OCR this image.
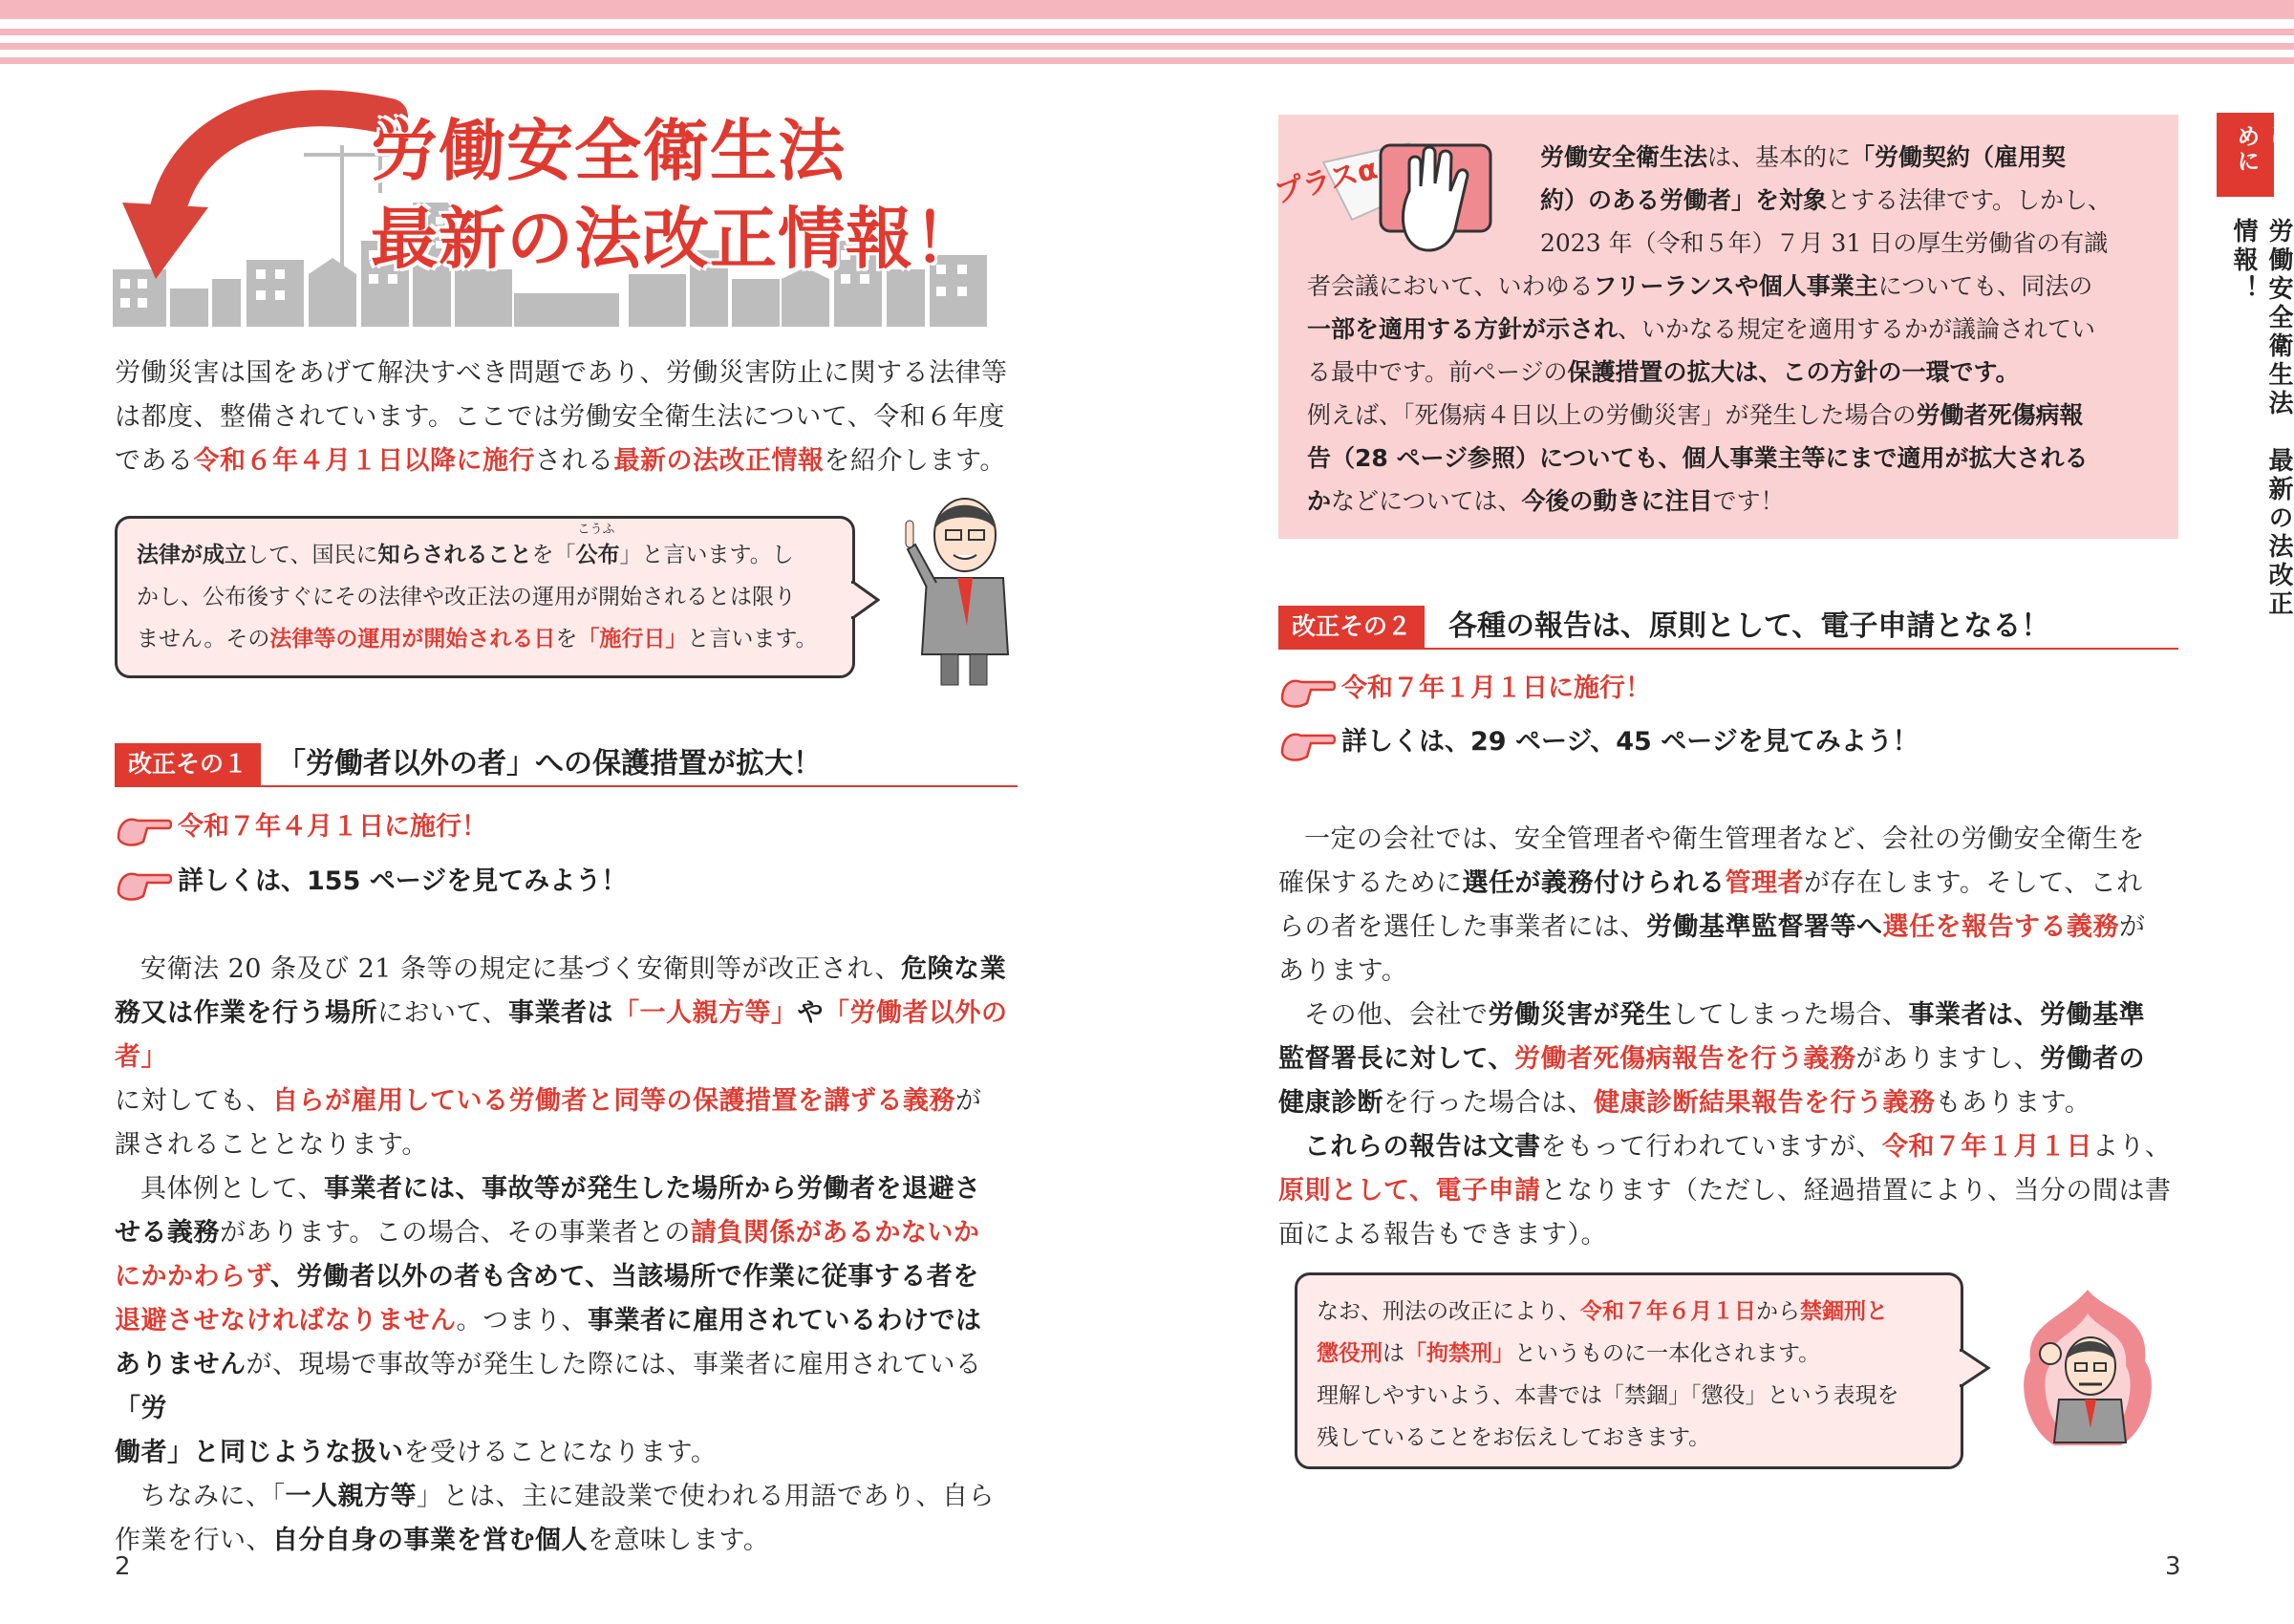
労働安全衛生法
最新の法改正情報！
労働災害は国をあげて解決すべき問題であり、労働災害防止に関する法律等
は都度、整備されています。ここでは労働安全衛生法について、令和６年度
である令和６年４月１日以降に施行される最新の法改正情報を紹介します。
法律が成立して、国民に知らされることを「
こうふ
公布」と言います。し
かし、公布後すぐにその法律や改正法の運用が開始されるとは限り
ません。その法律等の運用が開始される日を「施行日」と言います。
改正その１	「労働者以外の者」への保護措置が拡大！
令和７年４月１日に施行！
詳しくは、155 ページを見てみよう！
安衛法 20 条及び 21 条等の規定に基づく安衛則等が改正され、危険な業
務又は作業を行う場所において、事業者は「一人親方等」や「労働者以外の者」
に対しても、自らが雇用している労働者と同等の保護措置を講ずる義務が
課されることとなります。
具体例として、事業者には、事故等が発生した場所から労働者を退避さ
せる義務があります。この場合、その事業者との請負関係があるかないか
にかかわらず、労働者以外の者も含めて、当該場所で作業に従事する者を
退避させなければなりません。つまり、事業者に雇用されているわけでは
ありませんが、現場で事故等が発生した際には、事業者に雇用されている「労
働者」と同じような扱いを受けることになります。
ちなみに、「一人親方等」とは、主に建設業で使われる用語であり、自ら
作業を行い、自分自身の事業を営む個人を意味します。
2
プラスα	労働安全衛生法は、基本的に「労働契約（雇用契
約）のある労働者」を対象とする法律です。しかし、
2023 年（令和５年）７月 31 日の厚生労働省の有識
者会議において、いわゆるフリーランスや個人事業主についても、同法の
一部を適用する方針が示され、いかなる規定を適用するかが議論されてい
る最中です。前ページの保護措置の拡大は、この方針の一環です。
例えば、「死傷病４日以上の労働災害」が発生した場合の労働者死傷病報
告（28 ページ参照）についても、個人事業主等にまで適用が拡大される
かなどについては、今後の動きに注目です！
改正その２	各種の報告は、原則として、電子申請となる！
令和７年１月１日に施行！
詳しくは、29 ページ、45 ページを見てみよう！
一定の会社では、安全管理者や衛生管理者など、会社の労働安全衛生を
確保するために選任が義務付けられる管理者が存在します。そして、これ
らの者を選任した事業者には、労働基準監督署等へ選任を報告する義務が
あります。
その他、会社で労働災害が発生してしまった場合、事業者は、労働基準
監督署長に対して、労働者死傷病報告を行う義務がありますし、労働者の
健康診断を行った場合は、健康診断結果報告を行う義務もあります。
これらの報告は文書をもって行われていますが、令和７年１月１日より、
原則として、電子申請となります（ただし、経過措置により、当分の間は書
面による報告もできます）。
なお、刑法の改正により、令和７年６月１日から禁錮刑と
懲役刑は「拘禁刑」というものに一本化されます。
理解しやすいよう、本書では「禁錮」「懲役」という表現を
残していることをお伝えしておきます。
はじめに
労働安全衛生法　最新の法改正情報！
3
